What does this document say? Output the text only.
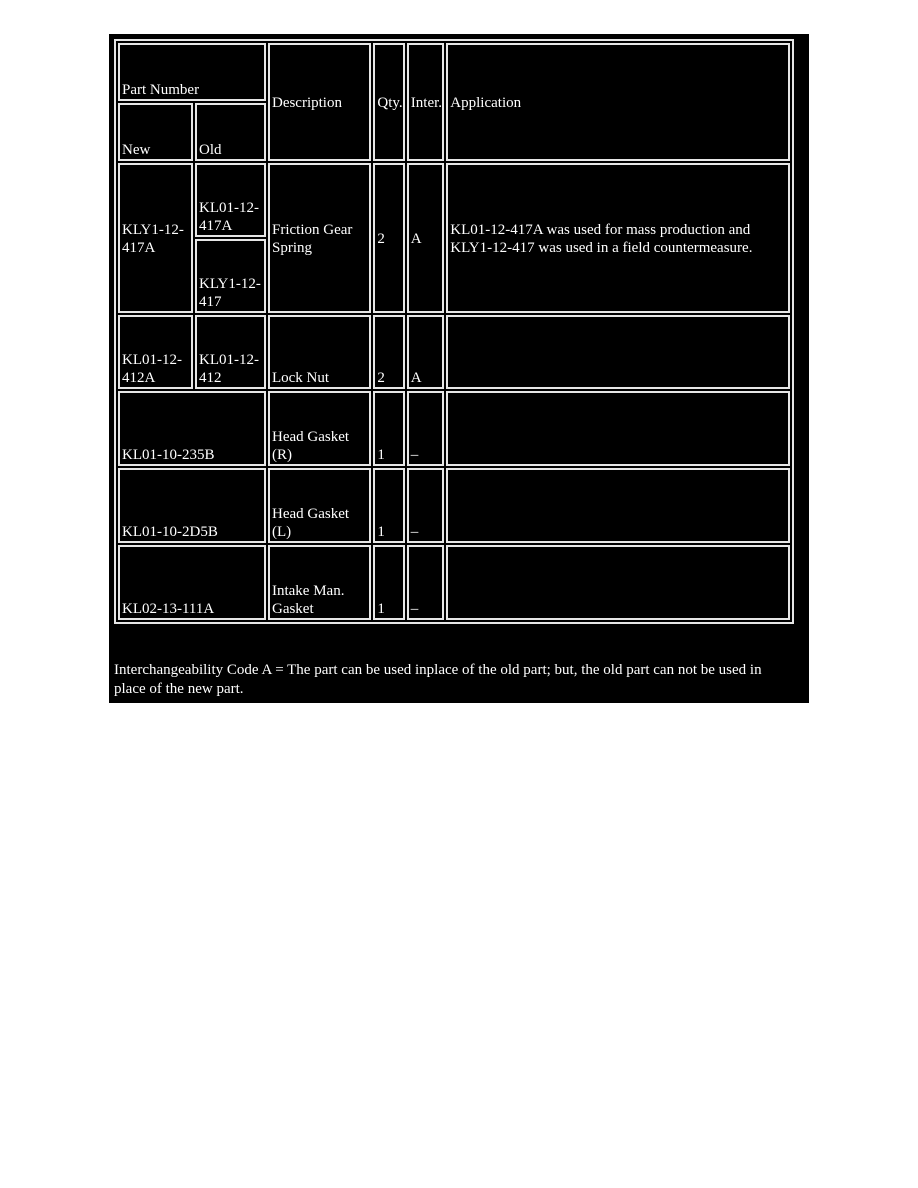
Part Number		Description	Qty.	Inter.	Application
New	Old				
KLY1-12-417A	KL01-12-417A	Friction Gear Spring	2	A	KL01-12-417A was used for mass production and KLY1-12-417 was used in a field countermeasure.

	KLY1-12-417				
KL01-12-412A	KL01-12-412	Lock Nut	2	A	
KL01-10-235B		Head Gasket (R)	1	–	
KL01-10-2D5B		Head Gasket (L)	1	–	
KL02-13-111A		Intake Man. Gasket	1	–	
Interchangeability Code A = The part can be used inplace of the old part; but, the old part can not be used in place of the new part.
